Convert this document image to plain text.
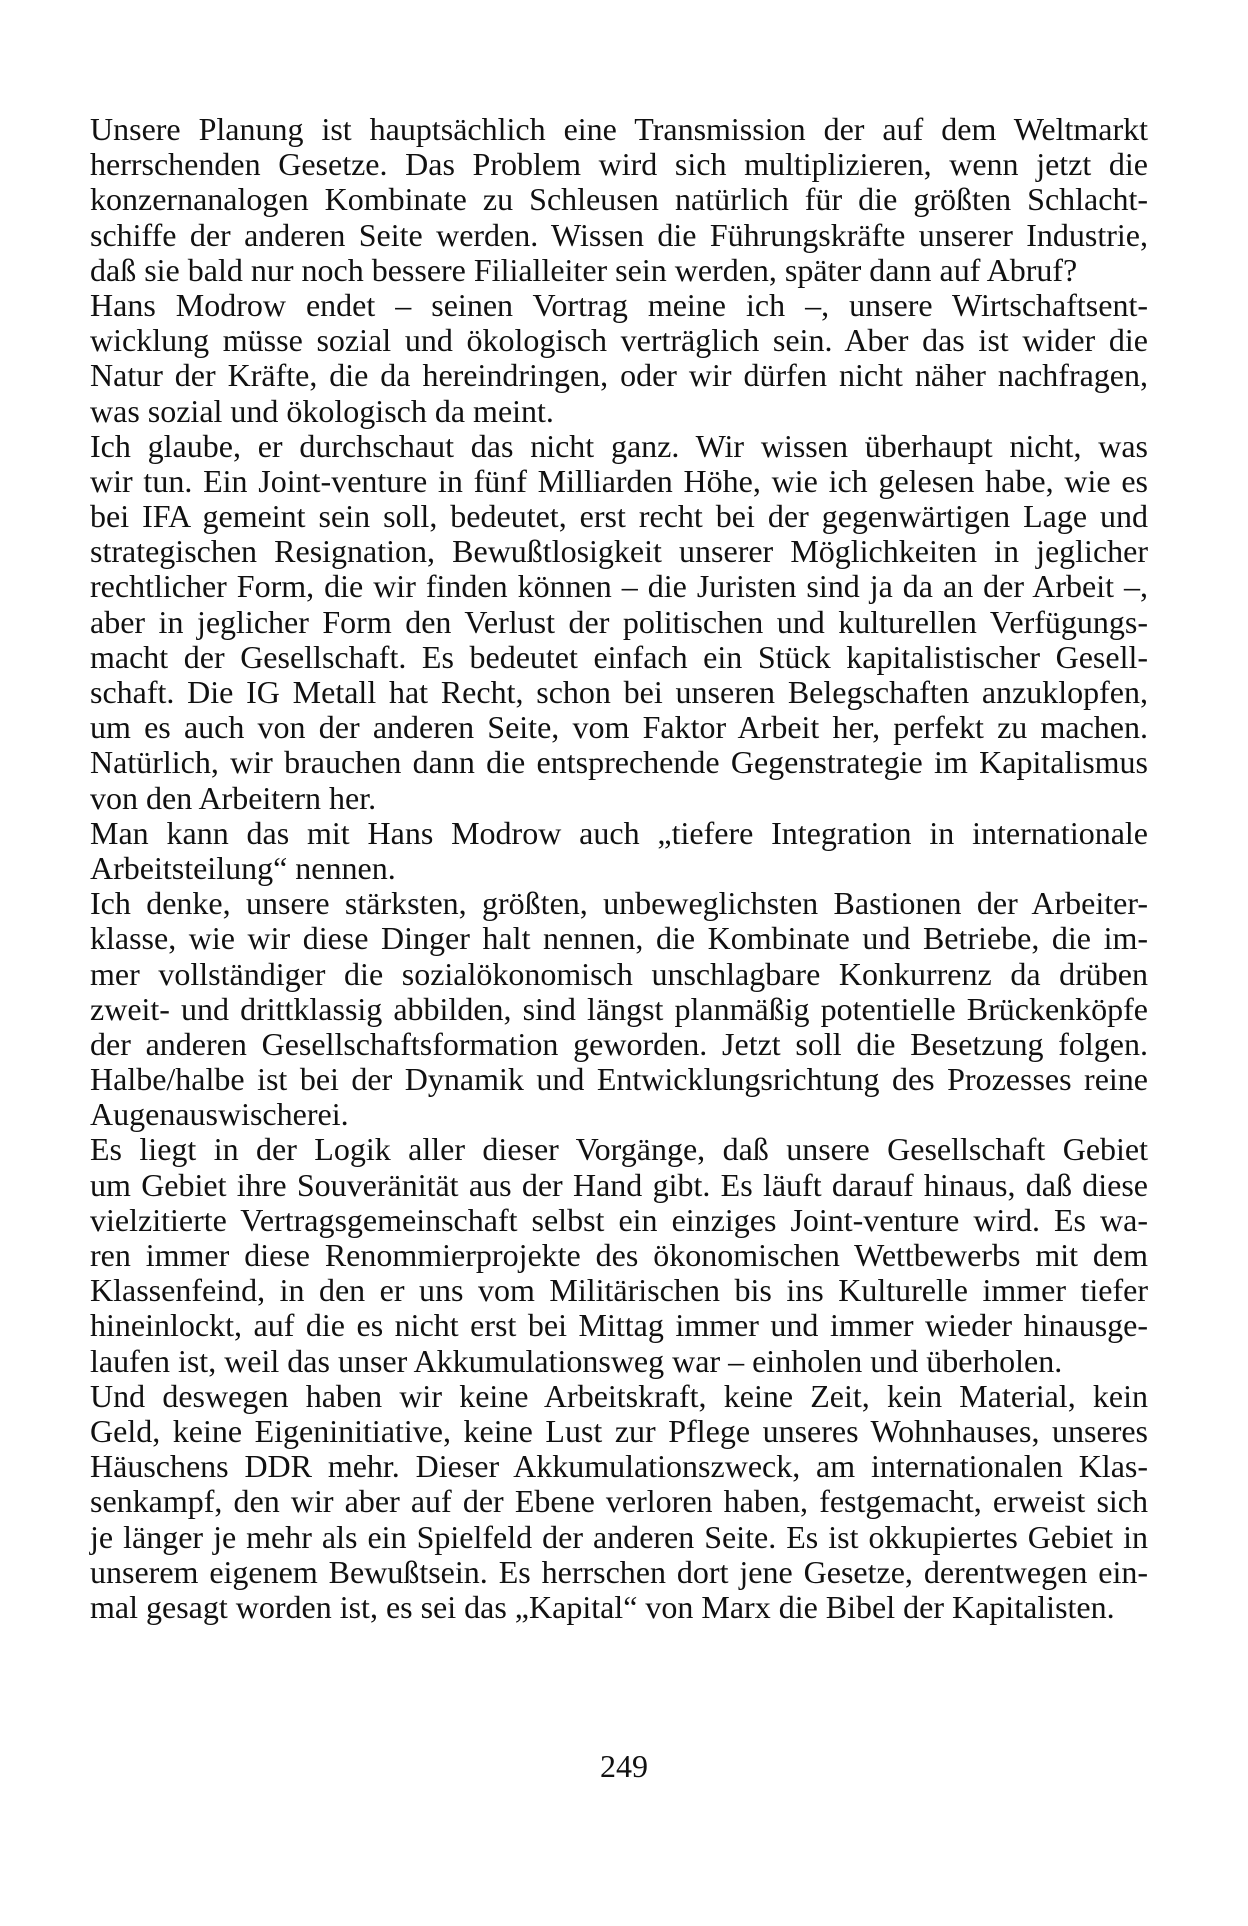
Unsere Planung ist hauptsächlich eine Transmission der auf dem Weltmarkt
herrschenden Gesetze. Das Problem wird sich multiplizieren, wenn jetzt die
konzernanalogen Kombinate zu Schleusen natürlich für die größten Schlacht-
schiffe der anderen Seite werden. Wissen die Führungskräfte unserer Industrie,
daß sie bald nur noch bessere Filialleiter sein werden, später dann auf Abruf?
Hans Modrow endet – seinen Vortrag meine ich –, unsere Wirtschaftsent-
wicklung müsse sozial und ökologisch verträglich sein. Aber das ist wider die
Natur der Kräfte, die da hereindringen, oder wir dürfen nicht näher nachfragen,
was sozial und ökologisch da meint.
Ich glaube, er durchschaut das nicht ganz. Wir wissen überhaupt nicht, was
wir tun. Ein Joint-venture in fünf Milliarden Höhe, wie ich gelesen habe, wie es
bei IFA gemeint sein soll, bedeutet, erst recht bei der gegenwärtigen Lage und
strategischen Resignation, Bewußtlosigkeit unserer Möglichkeiten in jeglicher
rechtlicher Form, die wir finden können – die Juristen sind ja da an der Arbeit –,
aber in jeglicher Form den Verlust der politischen und kulturellen Verfügungs-
macht der Gesellschaft. Es bedeutet einfach ein Stück kapitalistischer Gesell-
schaft. Die IG Metall hat Recht, schon bei unseren Belegschaften anzuklopfen,
um es auch von der anderen Seite, vom Faktor Arbeit her, perfekt zu machen.
Natürlich, wir brauchen dann die entsprechende Gegenstrategie im Kapitalismus
von den Arbeitern her.
Man kann das mit Hans Modrow auch „tiefere Integration in internationale
Arbeitsteilung“ nennen.
Ich denke, unsere stärksten, größten, unbeweglichsten Bastionen der Arbeiter-
klasse, wie wir diese Dinger halt nennen, die Kombinate und Betriebe, die im-
mer vollständiger die sozialökonomisch unschlagbare Konkurrenz da drüben
zweit- und drittklassig abbilden, sind längst planmäßig potentielle Brückenköpfe
der anderen Gesellschaftsformation geworden. Jetzt soll die Besetzung folgen.
Halbe/halbe ist bei der Dynamik und Entwicklungsrichtung des Prozesses reine
Augenauswischerei.
Es liegt in der Logik aller dieser Vorgänge, daß unsere Gesellschaft Gebiet
um Gebiet ihre Souveränität aus der Hand gibt. Es läuft darauf hinaus, daß diese
vielzitierte Vertragsgemeinschaft selbst ein einziges Joint-venture wird. Es wa-
ren immer diese Renommierprojekte des ökonomischen Wettbewerbs mit dem
Klassenfeind, in den er uns vom Militärischen bis ins Kulturelle immer tiefer
hineinlockt, auf die es nicht erst bei Mittag immer und immer wieder hinausge-
laufen ist, weil das unser Akkumulationsweg war – einholen und überholen.
Und deswegen haben wir keine Arbeitskraft, keine Zeit, kein Material, kein
Geld, keine Eigeninitiative, keine Lust zur Pflege unseres Wohnhauses, unseres
Häuschens DDR mehr. Dieser Akkumulationszweck, am internationalen Klas-
senkampf, den wir aber auf der Ebene verloren haben, festgemacht, erweist sich
je länger je mehr als ein Spielfeld der anderen Seite. Es ist okkupiertes Gebiet in
unserem eigenem Bewußtsein. Es herrschen dort jene Gesetze, derentwegen ein-
mal gesagt worden ist, es sei das „Kapital“ von Marx die Bibel der Kapitalisten.
249
